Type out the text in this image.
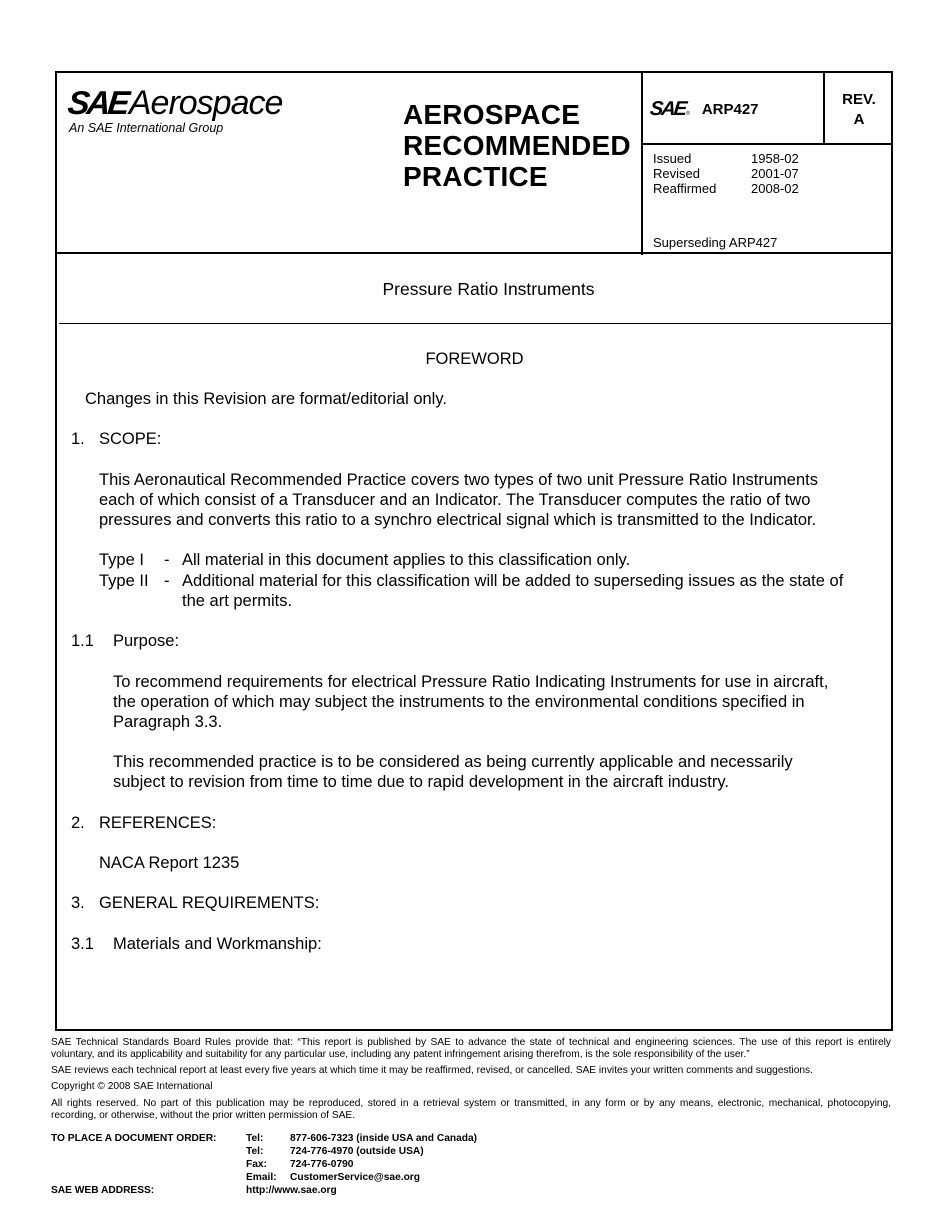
SAE Aerospace
An SAE International Group	AEROSPACE
RECOMMENDED
PRACTICE
SAE ® ARP427
REV.
A
Issued	1958-02
Revised	2001-07
Reaffirmed	2008-02
Superseding ARP427
Pressure Ratio Instruments
FOREWORD
Changes in this Revision are format/editorial only.
1. SCOPE:
This Aeronautical Recommended Practice covers two types of two unit Pressure Ratio Instruments
each of which consist of a Transducer and an Indicator. The Transducer computes the ratio of two
pressures and converts this ratio to a synchro electrical signal which is transmitted to the Indicator.
Type I	- All material in this document applies to this classification only.
Type II - Additional material for this classification will be added to superseding issues as the state of
the art permits.
1.1 Purpose:
To recommend requirements for electrical Pressure Ratio Indicating Instruments for use in aircraft,
the operation of which may subject the instruments to the environmental conditions specified in
Paragraph 3.3.
This recommended practice is to be considered as being currently applicable and necessarily
subject to revision from time to time due to rapid development in the aircraft industry.
2. REFERENCES:
NACA Report 1235
3. GENERAL REQUIREMENTS:
3.1 Materials and Workmanship:
SAE Technical Standards Board Rules provide that: “This report is published by SAE to advance the state of technical and engineering sciences. The use of this report is entirely voluntary, and its applicability and suitability for any particular use, including any patent infringement arising therefrom, is the sole responsibility of the user.”
SAE reviews each technical report at least every five years at which time it may be reaffirmed, revised, or cancelled. SAE invites your written comments and suggestions.
Copyright © 2008 SAE International
All rights reserved. No part of this publication may be reproduced, stored in a retrieval system or transmitted, in any form or by any means, electronic, mechanical, photocopying, recording, or otherwise, without the prior written permission of SAE.
TO PLACE A DOCUMENT ORDER:	Tel:	877-606-7323 (inside USA and Canada)
Tel:	724-776-4970 (outside USA)
Fax:	724-776-0790
Email:	CustomerService@sae.org
SAE WEB ADDRESS:	http://www.sae.org
